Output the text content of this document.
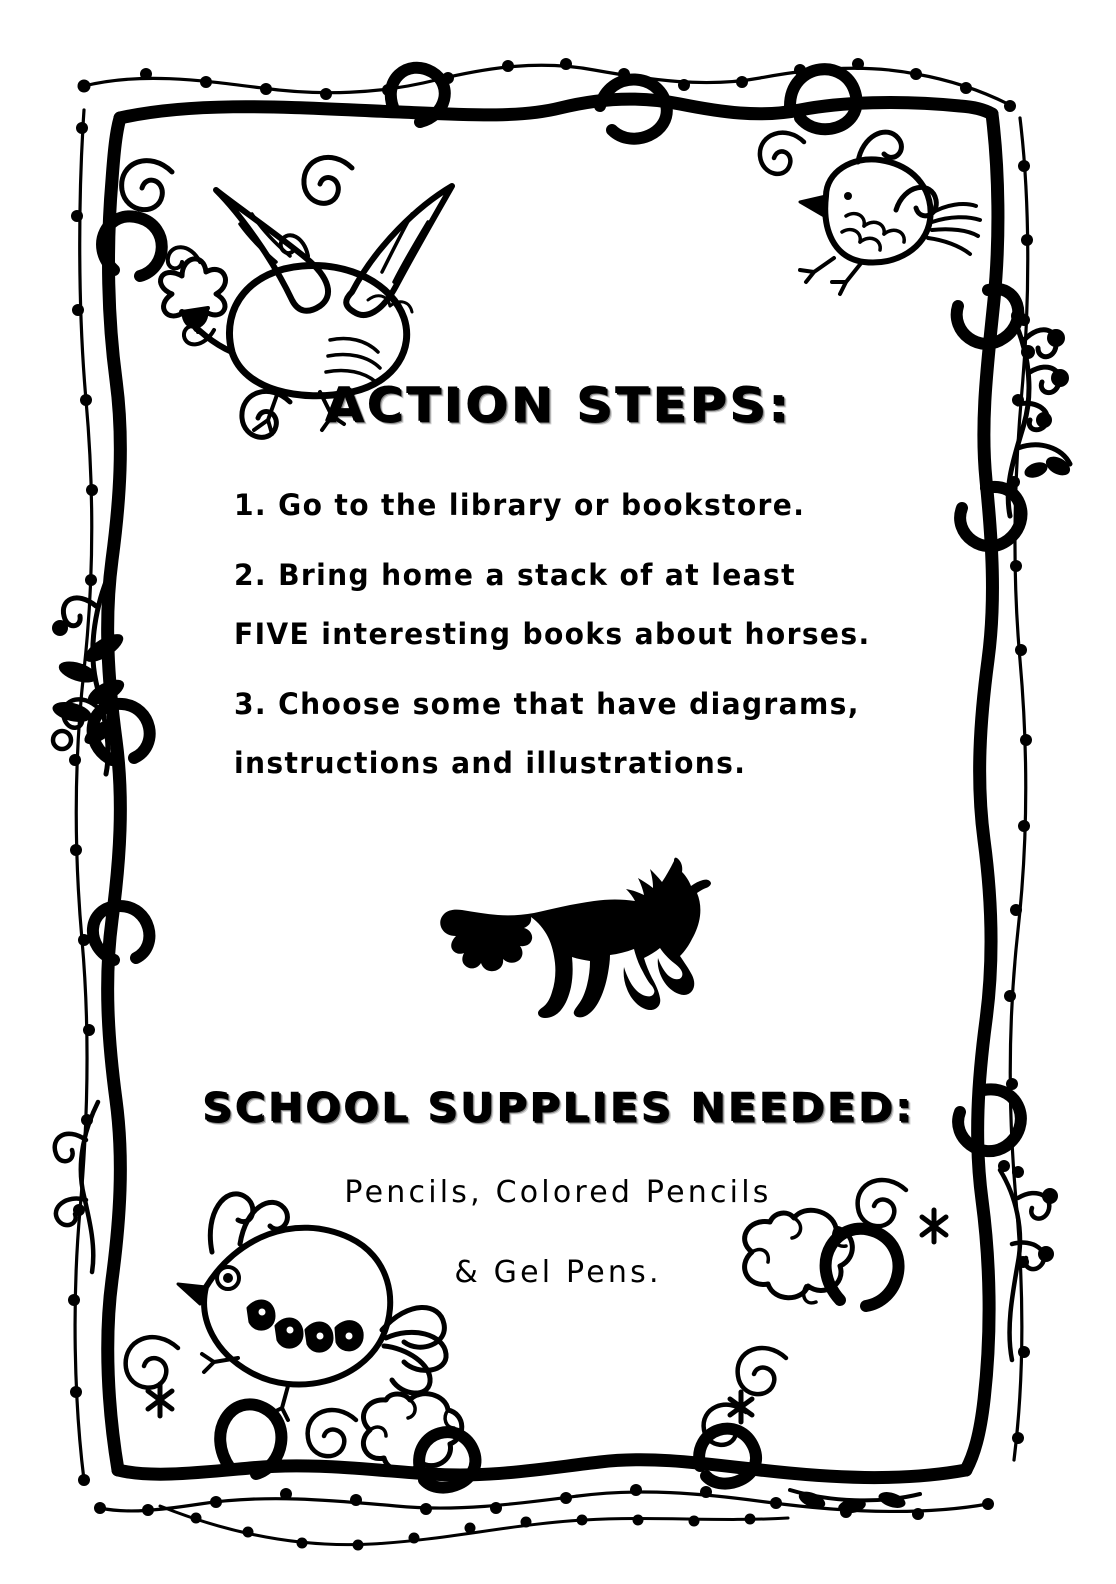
ACTION STEPS:
1. Go to the library or bookstore.
2. Bring home a stack of at least
FIVE interesting books about horses.
3. Choose some that have diagrams,
instructions and illustrations.
SCHOOL SUPPLIES NEEDED:
Pencils, Colored Pencils
& Gel Pens.
